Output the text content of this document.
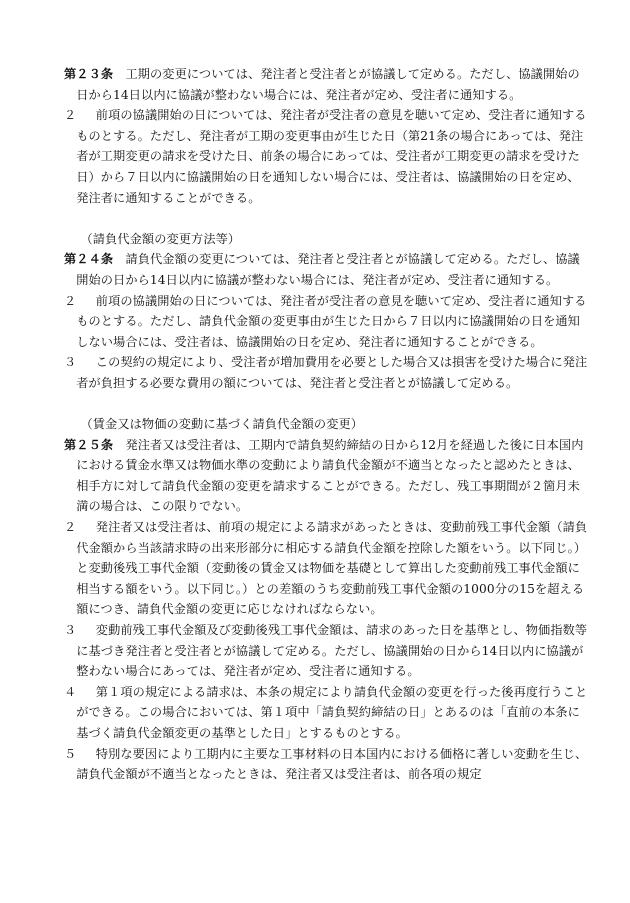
第２３条　工期の変更については、発注者と受注者とが協議して定める。ただし、協議開始の日から14日以内に協議が整わない場合には、発注者が定め、受注者に通知する。

２　前項の協議開始の日については、発注者が受注者の意見を聴いて定め、受注者に通知するものとする。ただし、発注者が工期の変更事由が生じた日（第21条の場合にあっては、発注者が工期変更の請求を受けた日、前条の場合にあっては、受注者が工期変更の請求を受けた日）から７日以内に協議開始の日を通知しない場合には、受注者は、協議開始の日を定め、発注者に通知することができる。

（請負代金額の変更方法等）

第２４条　請負代金額の変更については、発注者と受注者とが協議して定める。ただし、協議開始の日から14日以内に協議が整わない場合には、発注者が定め、受注者に通知する。

２　前項の協議開始の日については、発注者が受注者の意見を聴いて定め、受注者に通知するものとする。ただし、請負代金額の変更事由が生じた日から７日以内に協議開始の日を通知しない場合には、受注者は、協議開始の日を定め、発注者に通知することができる。

３　この契約の規定により、受注者が増加費用を必要とした場合又は損害を受けた場合に発注者が負担する必要な費用の額については、発注者と受注者とが協議して定める。

（賃金又は物価の変動に基づく請負代金額の変更）

第２５条　発注者又は受注者は、工期内で請負契約締結の日から12月を経過した後に日本国内における賃金水準又は物価水準の変動により請負代金額が不適当となったと認めたときは、相手方に対して請負代金額の変更を請求することができる。ただし、残工事期間が２箇月未満の場合は、この限りでない。

２　発注者又は受注者は、前項の規定による請求があったときは、変動前残工事代金額（請負代金額から当該請求時の出来形部分に相応する請負代金額を控除した額をいう。以下同じ。）と変動後残工事代金額（変動後の賃金又は物価を基礎として算出した変動前残工事代金額に相当する額をいう。以下同じ。）との差額のうち変動前残工事代金額の1000分の15を超える額につき、請負代金額の変更に応じなければならない。

３　変動前残工事代金額及び変動後残工事代金額は、請求のあった日を基準とし、物価指数等に基づき発注者と受注者とが協議して定める。ただし、協議開始の日から14日以内に協議が整わない場合にあっては、発注者が定め、受注者に通知する。

４　第１項の規定による請求は、本条の規定により請負代金額の変更を行った後再度行うことができる。この場合においては、第１項中「請負契約締結の日」とあるのは「直前の本条に基づく請負代金額変更の基準とした日」とするものとする。

５　特別な要因により工期内に主要な工事材料の日本国内における価格に著しい変動を生じ、請負代金額が不適当となったときは、発注者又は受注者は、前各項の規定
